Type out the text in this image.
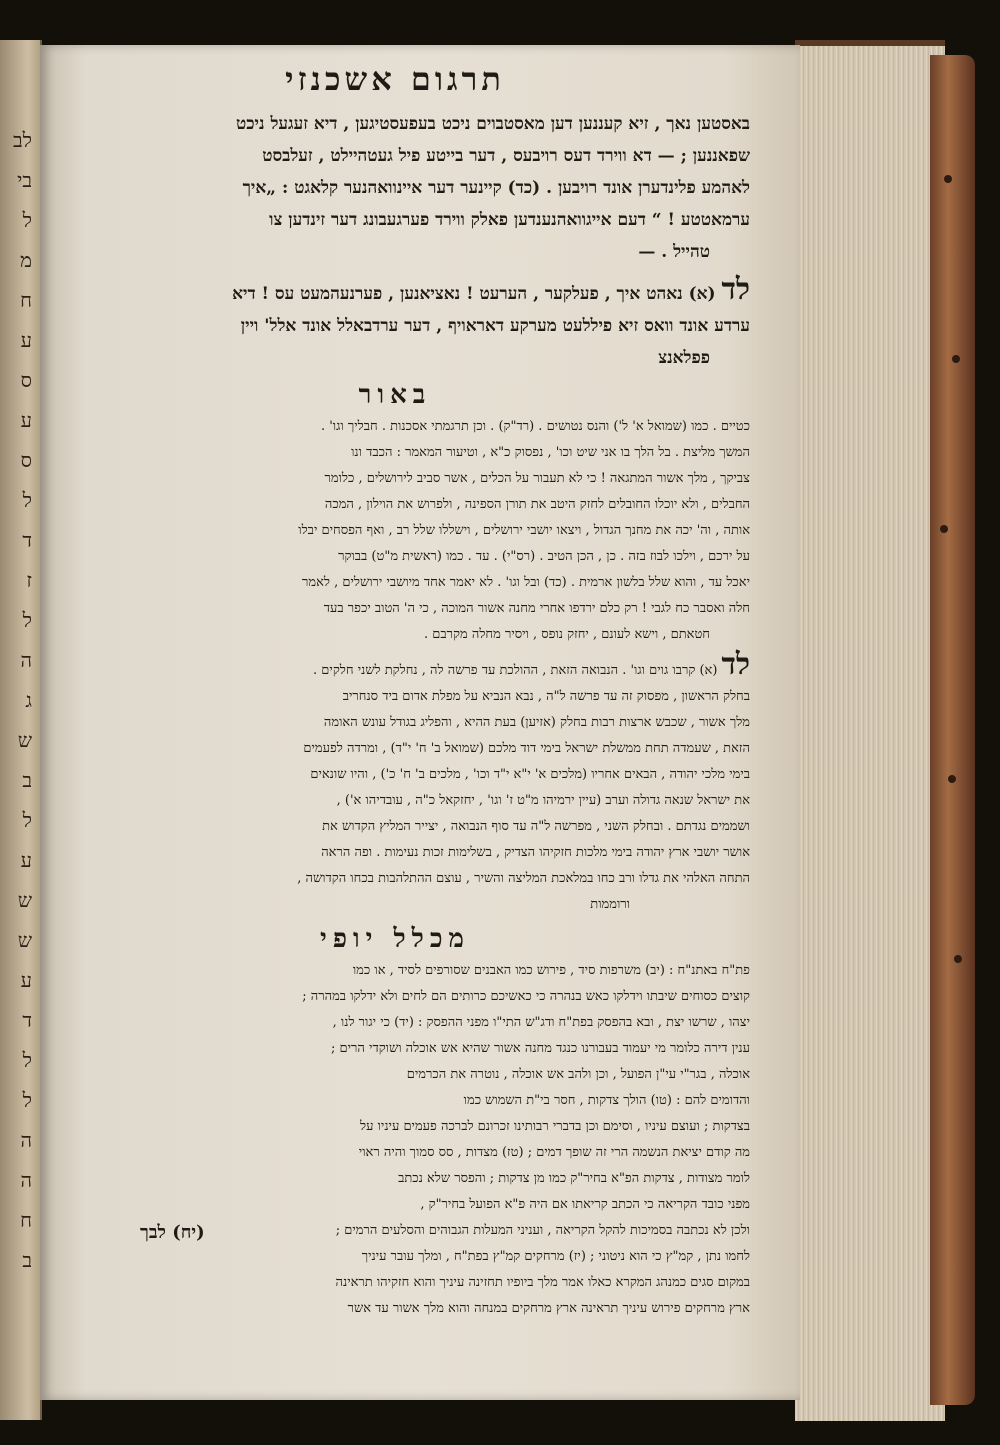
לב
בי
ל
מ
ח
ע
ס
ע
ס
ל
ד
ז
ל
ה
ג
ש
ב
ל
ע
ש
ש
ע
ד
ל
ל
ה
ה
ח
ב
תרגום אשכנזי

באסטען נאך , זיא קעננען דען מאסטבוים ניכט בעפעסטיגען , דיא זעגעל ניכט

שפאננען ; — דא ווירד דעס רויבעס , דער בייטע פיל געטהיילט , זעלבסט

לאהמע פלינדערן אונד רויבען . (כד) קיינער דער איינוואהנער קלאגט : „איך

ערמאטטע ! “ דעם אייגוואהנענדען פאלק ווירד פערגעבונג דער זינדען צו

טהייל . —

לד (א) נאהט איך , פעלקער , הערעט ! נאציאנען , פערנעהמעט עס ! דיא

ערדע אונד וואס זיא פיללעט מערקע דאראויף , דער ערדבאלל אונד אלל' ויין

פפלאנצ

באור

כטיים . כמו (שמואל א' ל') והנס נטושים . (רד"ק) . וכן תרגמתי אסכנות . חבליך וגו' .

המשך מליצת . בל הלך בו אני שיט וכו' , נפסוק כ"א , וטיעור המאמר : הכבד ונו

צביקך , מלך אשור המתגאה ! כי לא תעבור על הכלים , אשר סביב לירושלים , כלומר

החבלים , ולא יוכלו החובלים לחזק היטב את תורן הספינה , ולפרוש את הוילון , המכה

אותה , וה' יכה את מחנך הגדול , ויצאו יושבי ירושלים , וישללו שלל רב , ואף הפסחים יבלו

על ירכם , וילכו לבוז בזה . כן , הכן הטיב . (רס"י) . עד . כמו (ראשית מ"ט) בבוקר

יאכל עד , והוא שלל בלשון ארמית . (כד) ובל וגו' . לא יאמר אחד מיושבי ירושלים , לאמר

חלה ואסבר כח לגבי ! רק כלם ירדפו אחרי מחנה אשור המוכה , כי ה' הטוב יכפר בעד

חטאתם , וישא לעונם , יחזק נופס , ויסיר מחלה מקרבם .

לד (א) קרבו גוים וגו' . הנבואה הזאת , ההולכת עד פרשה לה , נחלקת לשני חלקים .

בחלק הראשון , מפסוק זה עד פרשה ל"ה , נבא הנביא על מפלת אדום ביד סנחריב

מלך אשור , שכבש ארצות רבות בחלק (אזיען) בעת ההיא , והפליג בגודל עונש האומה

הזאת , שעמדה תחת ממשלת ישראל בימי דוד מלכם (שמואל ב' ח' י"ד) , ומרדה לפעמים

בימי מלכי יהודה , הבאים אחריו (מלכים א' י"א י"ד וכו' , מלכים ב' ח' כ') , והיו שונאים

את ישראל שנאה גדולה וערב (עיין ירמיהו מ"ט ז' וגו' , יחזקאל כ"ה , עובדיהו א') ,

ושממים נגדתם . ובחלק השני , מפרשה ל"ה עד סוף הנבואה , יצייר המליץ הקדוש את

אושר יושבי ארץ יהודה בימי מלכות חזקיהו הצדיק , בשלימות זכות נעימות . ופה הראה

התחה האלהי את גדלו ורב כחו במלאכת המליצה והשיר , עוצם ההתלהבות בכחו הקדושה ,

ורוממות

מכלל יופי

פת"ח באתנ"ח : (יב) משרפות סיד , פירוש כמו האבנים שסורפים לסיד , או כמו

קוצים כסוחים שיבתו וידלקו כאש בנהרה כי כאשיכם כרותים הם לחים ולא ידלקו במהרה ;

יצהו , שרשו יצת , ובא בהפסק בפת"ח ודג"ש התי"ו מפני ההפסק : (יד) כי יגור לנו ,

ענין דירה כלומר מי יעמוד בעבורנו כנגד מחנה אשור שהיא אש אוכלה ושוקדי הרים ;

אוכלה , בגר"י עי"ן הפועל , וכן ולהב אש אוכלה , נוטרה את הכרמים

והדומים להם : (טו) הולך צדקות , חסר בי"ת השמוש כמו

בצדקות ; ועוצם עיניו , וסימם וכן בדברי רבותינו זכרונם לברכה פעמים עיניו על

מה קודם יציאת הנשמה הרי זה שופך דמים ; (טז) מצדות , סס סמוך והיה ראוי

לומר מצודות , צדקות הפ"א בחיר"ק כמו מן צדקות ; והפסר שלא נכתב

מפני כובד הקריאה כי הכתב קריאתו אם היה פ"א הפועל בחיר"ק ,

ולכן לא נכתבה בסמיכות להקל הקריאה , ועניני המעלות הגבוהים והסלעים הרמים ;

לחמו נתן , קמ"ץ כי הוא ניטוני ; (יז) מרחקים קמ"ץ בפת"ח , ומלך עובר עיניך

במקום סגים כמנהג המקרא כאלו אמר מלך ביופיו תחזינה עיניך והוא חזקיהו תראינה

ארץ מרחקים פירוש עיניך תראינה ארץ מרחקים במנחה והוא מלך אשור עד אשר

(יח) לבך
